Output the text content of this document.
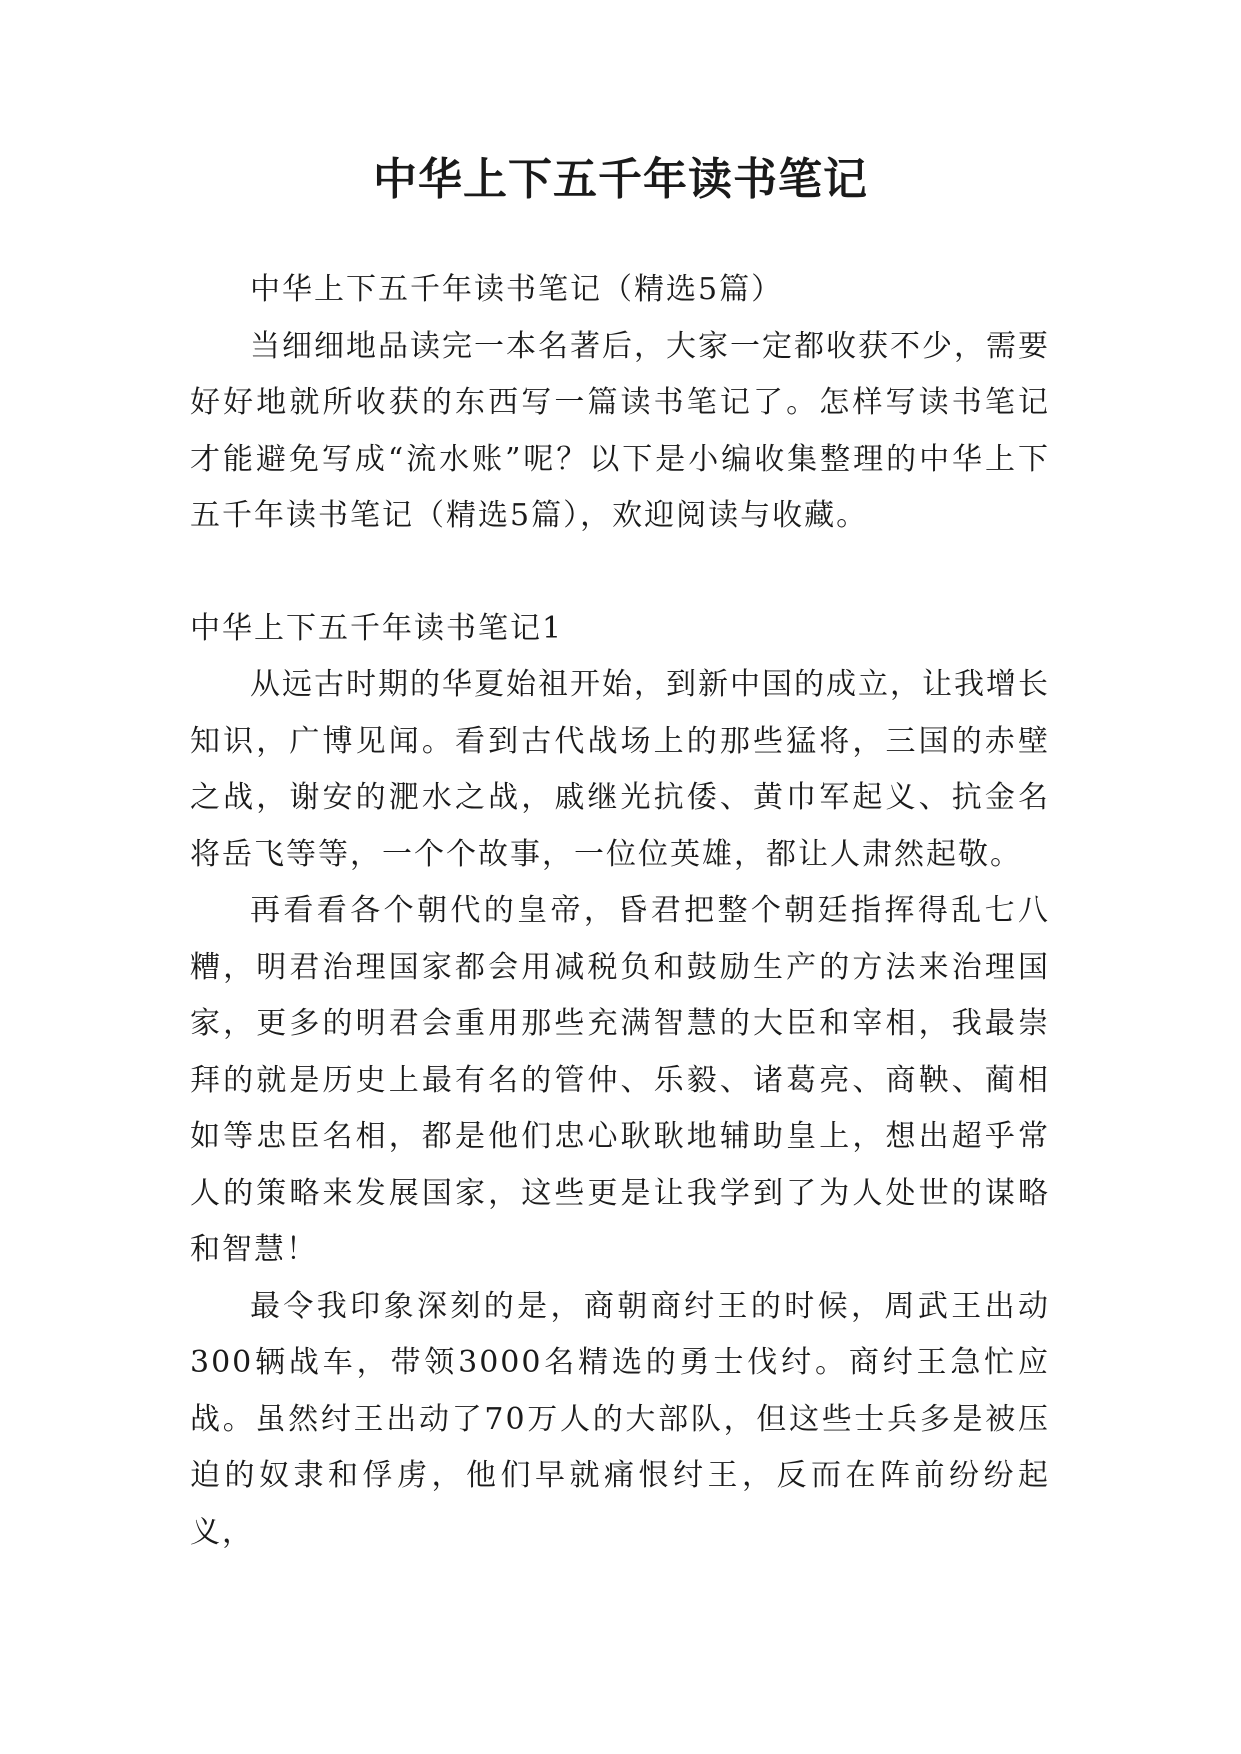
中华上下五千年读书笔记

中华上下五千年读书笔记（精选5篇）

当细细地品读完一本名著后，大家一定都收获不少，需要好好地就所收获的东西写一篇读书笔记了。怎样写读书笔记才能避免写成“流水账”呢？以下是小编收集整理的中华上下五千年读书笔记（精选5篇），欢迎阅读与收藏。

中华上下五千年读书笔记1

从远古时期的华夏始祖开始，到新中国的成立，让我增长知识，广博见闻。看到古代战场上的那些猛将，三国的赤壁之战，谢安的淝水之战，戚继光抗倭、黄巾军起义、抗金名将岳飞等等，一个个故事，一位位英雄，都让人肃然起敬。

再看看各个朝代的皇帝，昏君把整个朝廷指挥得乱七八糟，明君治理国家都会用减税负和鼓励生产的方法来治理国家，更多的明君会重用那些充满智慧的大臣和宰相，我最崇拜的就是历史上最有名的管仲、乐毅、诸葛亮、商鞅、蔺相如等忠臣名相，都是他们忠心耿耿地辅助皇上，想出超乎常人的策略来发展国家，这些更是让我学到了为人处世的谋略和智慧！

最令我印象深刻的是，商朝商纣王的时候，周武王出动300辆战车，带领3000名精选的勇士伐纣。商纣王急忙应战。虽然纣王出动了70万人的大部队，但这些士兵多是被压迫的奴隶和俘虏，他们早就痛恨纣王，反而在阵前纷纷起义，
